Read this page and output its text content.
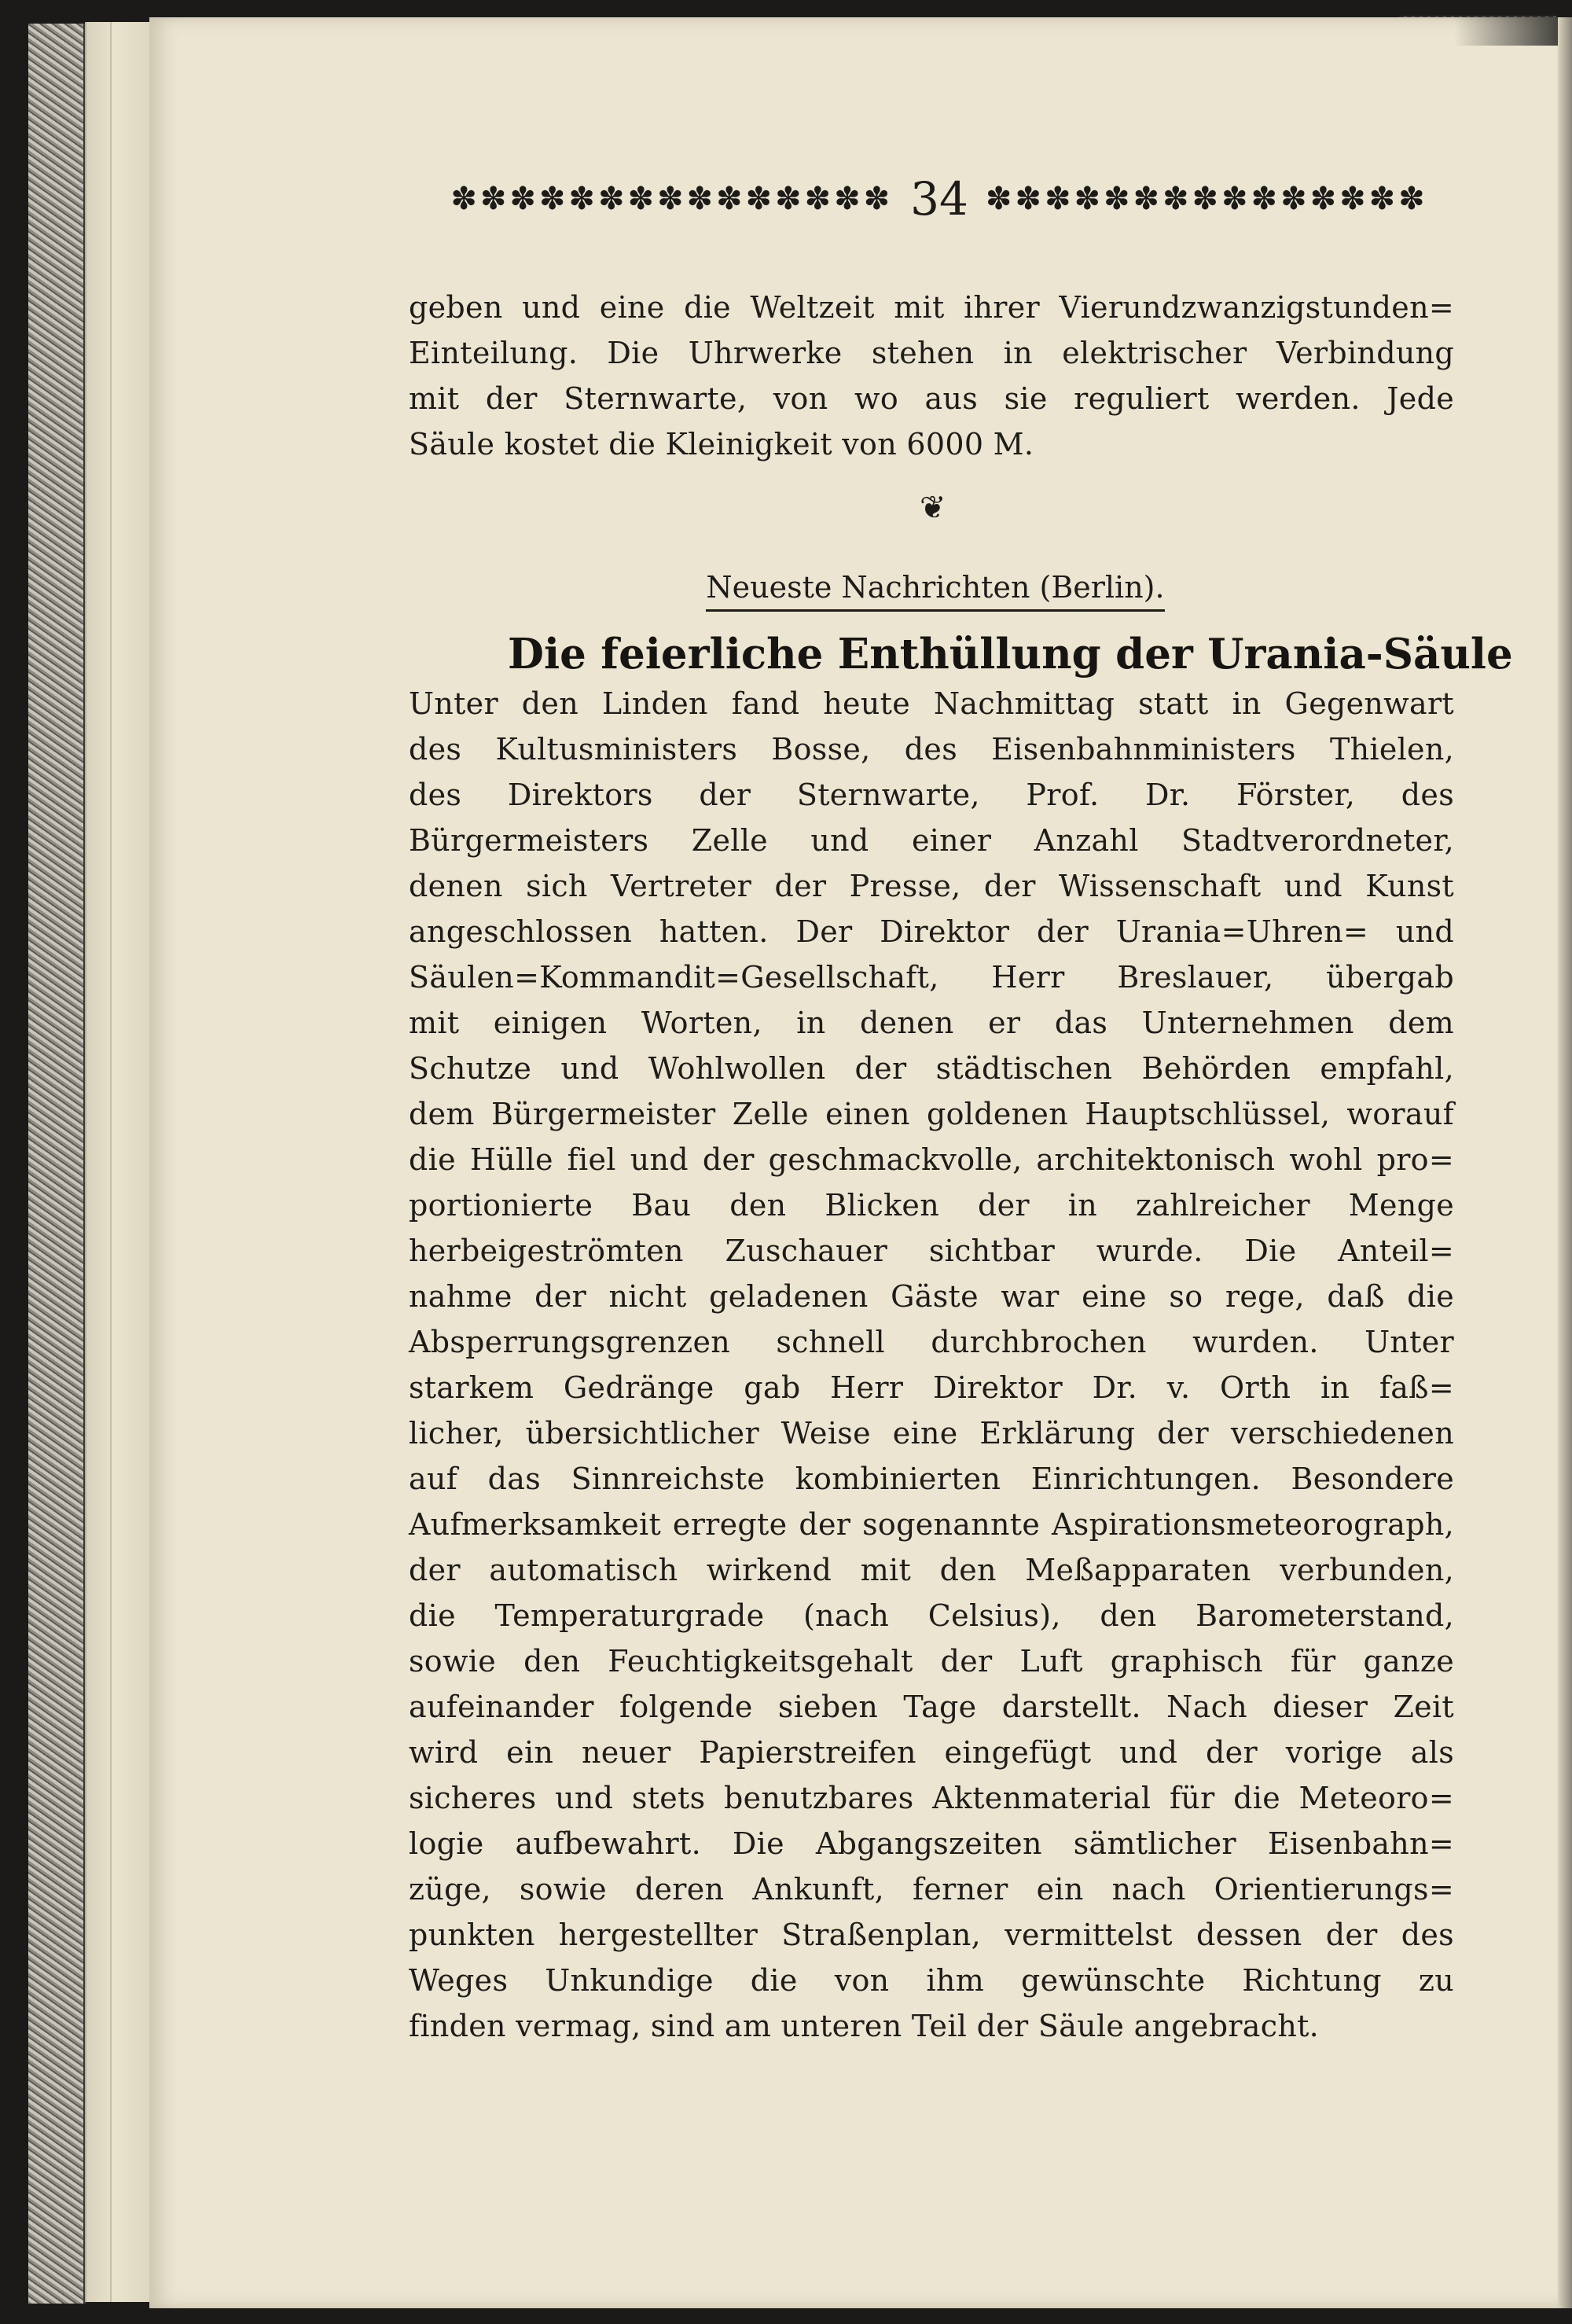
✽✽✽✽✽✽✽✽✽✽✽✽✽✽✽ 34 ✽✽✽✽✽✽✽✽✽✽✽✽✽✽✽
geben und eine die Weltzeit mit ihrer Vierundzwanzigstunden=
Einteilung. Die Uhrwerke stehen in elektrischer Verbindung
mit der Sternwarte, von wo aus sie reguliert werden. Jede
Säule kostet die Kleinigkeit von 6000 M.
❦
Neueste Nachrichten (Berlin).
Die feierliche Enthüllung der Urania-Säule
Unter den Linden fand heute Nachmittag statt in Gegenwart
des Kultusministers Bosse, des Eisenbahnministers Thielen,
des Direktors der Sternwarte, Prof. Dr. Förster, des
Bürgermeisters Zelle und einer Anzahl Stadtverordneter,
denen sich Vertreter der Presse, der Wissenschaft und Kunst
angeschlossen hatten. Der Direktor der Urania=Uhren= und
Säulen=Kommandit=Gesellschaft, Herr Breslauer, übergab
mit einigen Worten, in denen er das Unternehmen dem
Schutze und Wohlwollen der städtischen Behörden empfahl,
dem Bürgermeister Zelle einen goldenen Hauptschlüssel, worauf
die Hülle fiel und der geschmackvolle, architektonisch wohl pro=
portionierte Bau den Blicken der in zahlreicher Menge
herbeigeströmten Zuschauer sichtbar wurde. Die Anteil=
nahme der nicht geladenen Gäste war eine so rege, daß die
Absperrungsgrenzen schnell durchbrochen wurden. Unter
starkem Gedränge gab Herr Direktor Dr. v. Orth in faß=
licher, übersichtlicher Weise eine Erklärung der verschiedenen
auf das Sinnreichste kombinierten Einrichtungen. Besondere
Aufmerksamkeit erregte der sogenannte Aspirationsmeteorograph,
der automatisch wirkend mit den Meßapparaten verbunden,
die Temperaturgrade (nach Celsius), den Barometerstand,
sowie den Feuchtigkeitsgehalt der Luft graphisch für ganze
aufeinander folgende sieben Tage darstellt. Nach dieser Zeit
wird ein neuer Papierstreifen eingefügt und der vorige als
sicheres und stets benutzbares Aktenmaterial für die Meteoro=
logie aufbewahrt. Die Abgangszeiten sämtlicher Eisenbahn=
züge, sowie deren Ankunft, ferner ein nach Orientierungs=
punkten hergestellter Straßenplan, vermittelst dessen der des
Weges Unkundige die von ihm gewünschte Richtung zu
finden vermag, sind am unteren Teil der Säule angebracht.
